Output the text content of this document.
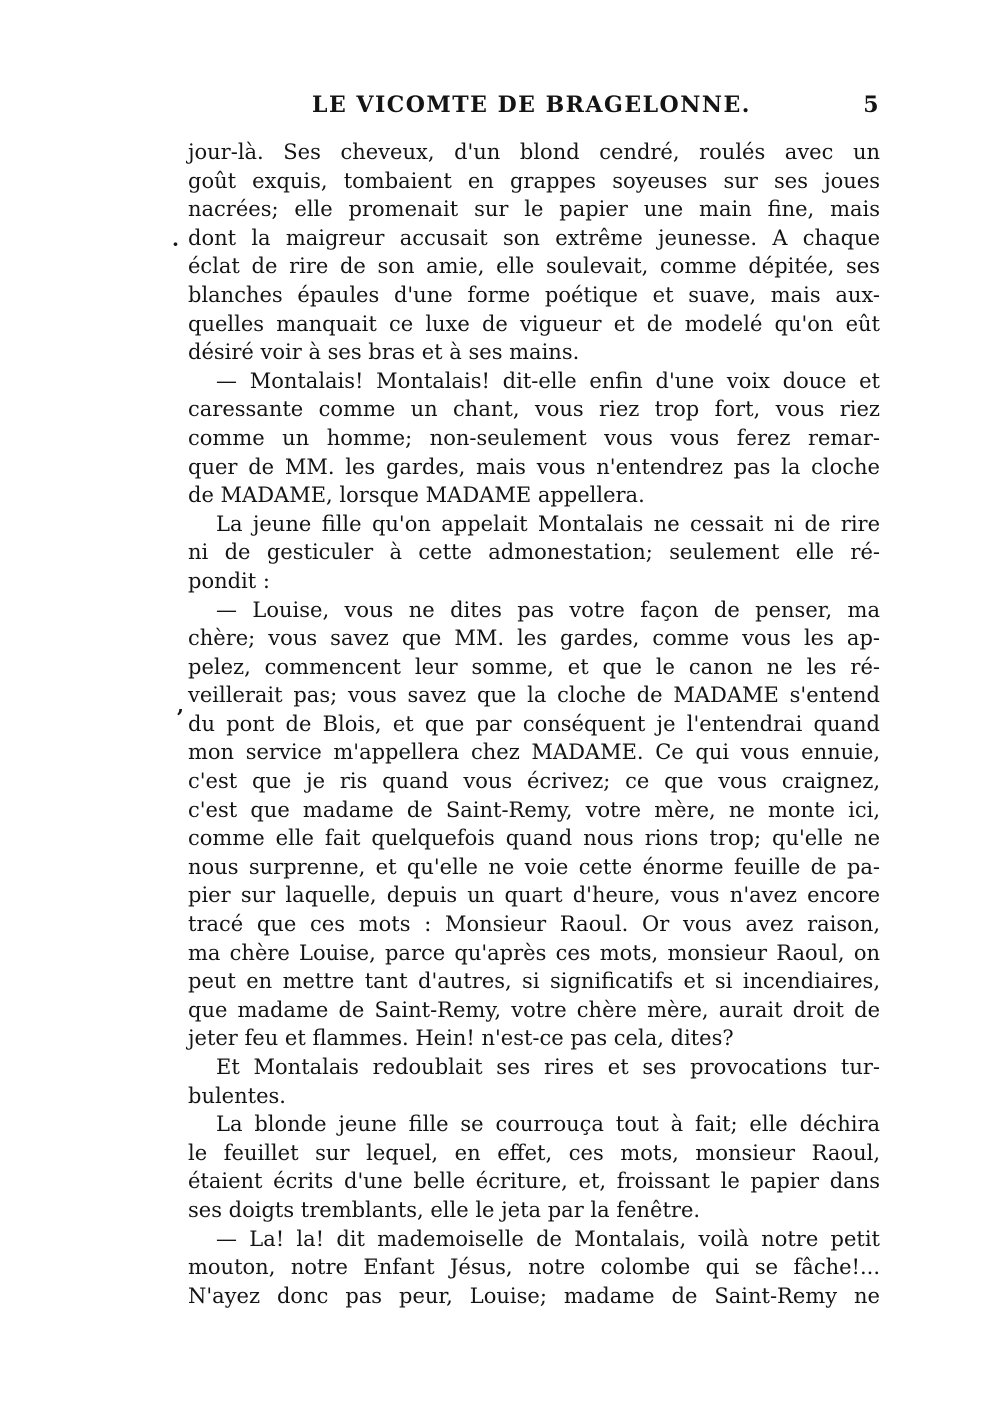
LE VICOMTE DE BRAGELONNE.	5
·
,
jour-là. Ses cheveux, d'un blond cendré, roulés avec un
goût exquis, tombaient en grappes soyeuses sur ses joues
nacrées; elle promenait sur le papier une main fine, mais
dont la maigreur accusait son extrême jeunesse. A chaque
éclat de rire de son amie, elle soulevait, comme dépitée, ses
blanches épaules d'une forme poétique et suave, mais aux-
quelles manquait ce luxe de vigueur et de modelé qu'on eût
désiré voir à ses bras et à ses mains.
— Montalais! Montalais! dit-elle enfin d'une voix douce et
caressante comme un chant, vous riez trop fort, vous riez
comme un homme; non-seulement vous vous ferez remar-
quer de MM. les gardes, mais vous n'entendrez pas la cloche
de MADAME, lorsque MADAME appellera.
La jeune fille qu'on appelait Montalais ne cessait ni de rire
ni de gesticuler à cette admonestation; seulement elle ré-
pondit :
— Louise, vous ne dites pas votre façon de penser, ma
chère; vous savez que MM. les gardes, comme vous les ap-
pelez, commencent leur somme, et que le canon ne les ré-
veillerait pas; vous savez que la cloche de MADAME s'entend
du pont de Blois, et que par conséquent je l'entendrai quand
mon service m'appellera chez MADAME. Ce qui vous ennuie,
c'est que je ris quand vous écrivez; ce que vous craignez,
c'est que madame de Saint-Remy, votre mère, ne monte ici,
comme elle fait quelquefois quand nous rions trop; qu'elle ne
nous surprenne, et qu'elle ne voie cette énorme feuille de pa-
pier sur laquelle, depuis un quart d'heure, vous n'avez encore
tracé que ces mots : Monsieur Raoul. Or vous avez raison,
ma chère Louise, parce qu'après ces mots, monsieur Raoul, on
peut en mettre tant d'autres, si significatifs et si incendiaires,
que madame de Saint-Remy, votre chère mère, aurait droit de
jeter feu et flammes. Hein! n'est-ce pas cela, dites?
Et Montalais redoublait ses rires et ses provocations tur-
bulentes.
La blonde jeune fille se courrouça tout à fait; elle déchira
le feuillet sur lequel, en effet, ces mots, monsieur Raoul,
étaient écrits d'une belle écriture, et, froissant le papier dans
ses doigts tremblants, elle le jeta par la fenêtre.
— La! la! dit mademoiselle de Montalais, voilà notre petit
mouton, notre Enfant Jésus, notre colombe qui se fâche!...
N'ayez donc pas peur, Louise; madame de Saint-Remy ne
